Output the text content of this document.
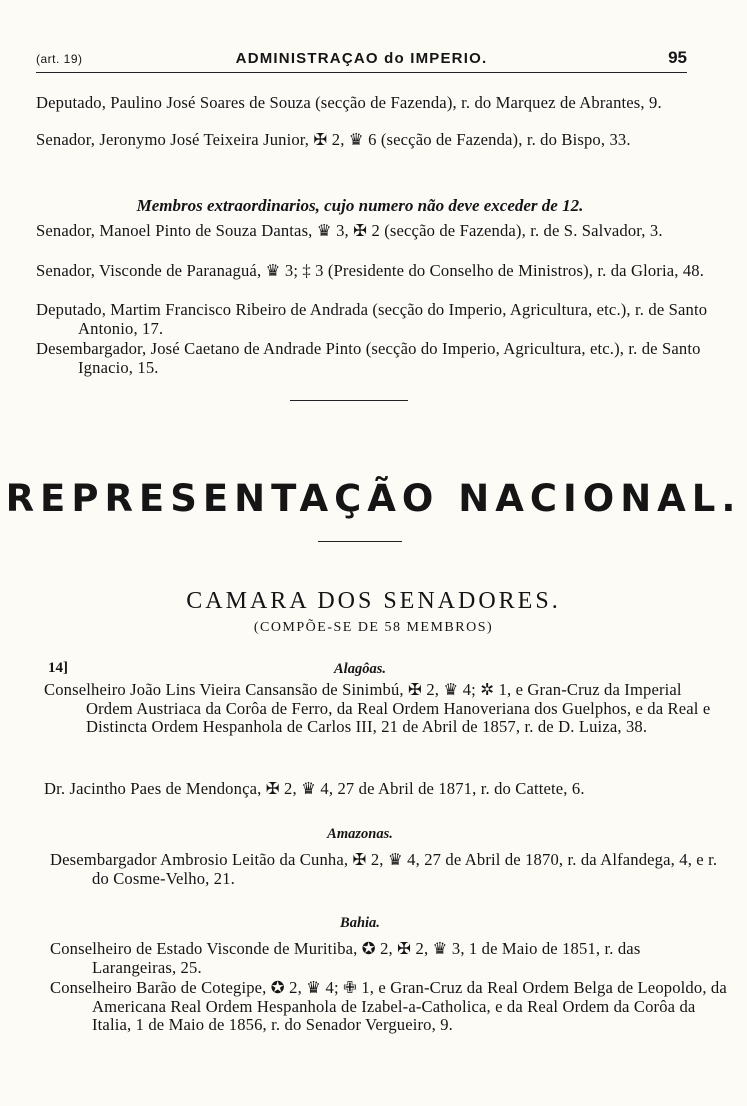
(art. 19)	ADMINISTRAÇAO do IMPERIO.	95
Deputado, Paulino José Soares de Souza (secção de Fazenda), r. do Marquez de Abrantes, 9.
Senador, Jeronymo José Teixeira Junior, ✠ 2, ♛ 6 (secção de Fazenda), r. do Bispo, 33.
Membros extraordinarios, cujo numero não deve exceder de 12.
Senador, Manoel Pinto de Souza Dantas, ♛ 3, ✠ 2 (secção de Fazenda), r. de S. Salvador, 3.
Senador, Visconde de Paranaguá, ♛ 3; ‡ 3 (Presidente do Conselho de Ministros), r. da Gloria, 48.
Deputado, Martim Francisco Ribeiro de Andrada (secção do Imperio, Agricultura, etc.), r. de Santo Antonio, 17.
Desembargador, José Caetano de Andrade Pinto (secção do Imperio, Agricultura, etc.), r. de Santo Ignacio, 15.
REPRESENTAÇÃO NACIONAL.
CAMARA DOS SENADORES.
(COMPÕE-SE DE 58 MEMBROS)
14]	Alagôas.
Conselheiro João Lins Vieira Cansansão de Sinimbú, ✠ 2, ♛ 4; ✲ 1, e Gran-Cruz da Imperial Ordem Austriaca da Corôa de Ferro, da Real Ordem Hanoveriana dos Guelphos, e da Real e Distincta Ordem Hespanhola de Carlos III, 21 de Abril de 1857, r. de D. Luiza, 38.
Dr. Jacintho Paes de Mendonça, ✠ 2, ♛ 4, 27 de Abril de 1871, r. do Cattete, 6.
Amazonas.
Desembargador Ambrosio Leitão da Cunha, ✠ 2, ♛ 4, 27 de Abril de 1870, r. da Alfandega, 4, e r. do Cosme-Velho, 21.
Bahia.
Conselheiro de Estado Visconde de Muritiba, ✪ 2, ✠ 2, ♛ 3, 1 de Maio de 1851, r. das Larangeiras, 25.
Conselheiro Barão de Cotegipe, ✪ 2, ♛ 4; ✙ 1, e Gran-Cruz da Real Ordem Belga de Leopoldo, da Americana Real Ordem Hespanhola de Izabel-a-Catholica, e da Real Ordem da Corôa da Italia, 1 de Maio de 1856, r. do Senador Vergueiro, 9.
